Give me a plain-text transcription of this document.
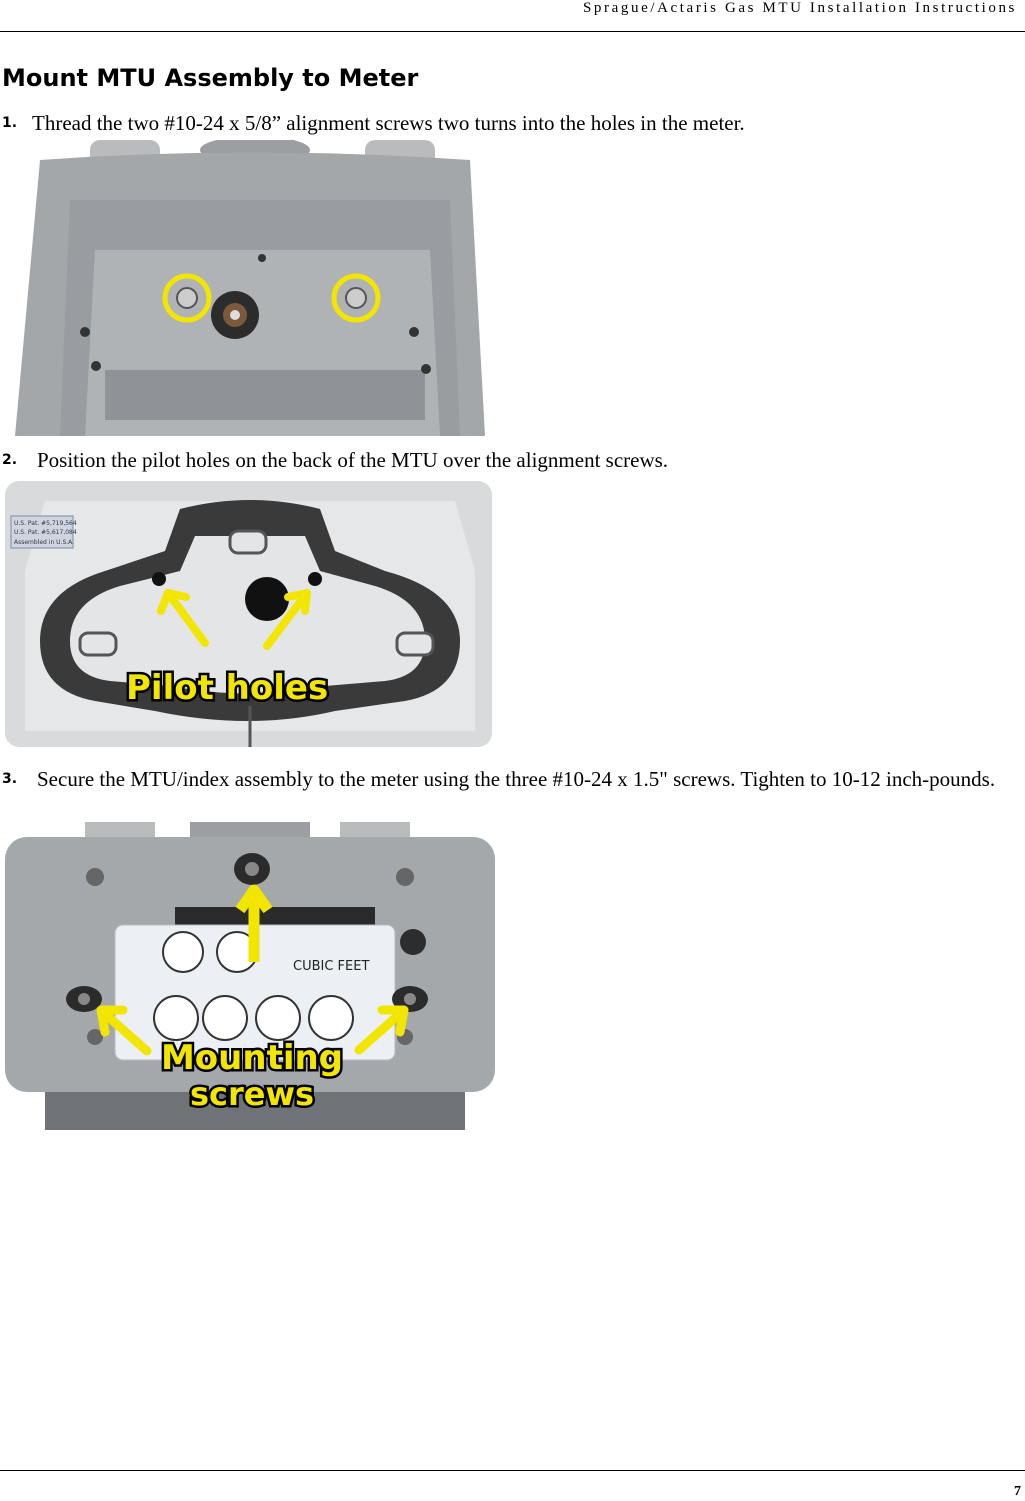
Sprague/Actaris Gas MTU Installation Instructions
Mount MTU Assembly to Meter
1. Thread the two #10-24 x 5/8” alignment screws two turns into the holes in the meter.
2. Position the pilot holes on the back of the MTU over the alignment screws.
U.S. Pat. #5,719,564
U.S. Pat. #5,617,084
Assembled in U.S.A.
Pilot holes
3. Secure the MTU/index assembly to the meter using the three #10-24 x 1.5" screws. Tighten to 10-12 inch-pounds.
CUBIC FEET
Mounting
screws
7
